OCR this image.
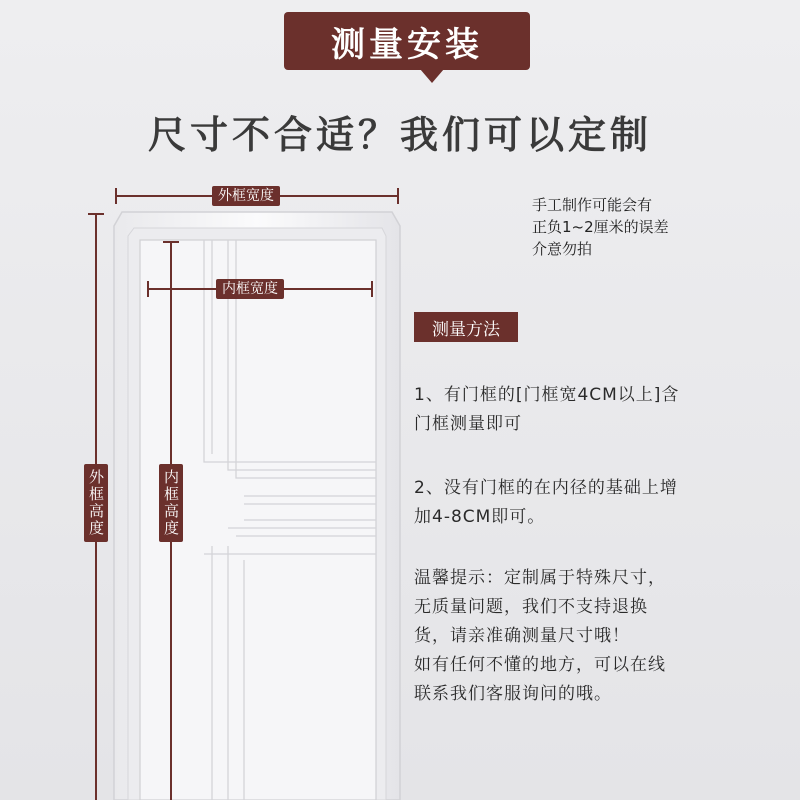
测量安装
尺寸不合适？我们可以定制
外框宽度
内框宽度
外框高度	内框高度
手工制作可能会有
正负1~2厘米的误差
介意勿拍
测量方法
1、有门框的[门框宽4CM以上]含
门框测量即可
2、没有门框的在内径的基础上增
加4-8CM即可。
温馨提示：定制属于特殊尺寸，
无质量问题，我们不支持退换
货，请亲准确测量尺寸哦！
如有任何不懂的地方，可以在线
联系我们客服询问的哦。
